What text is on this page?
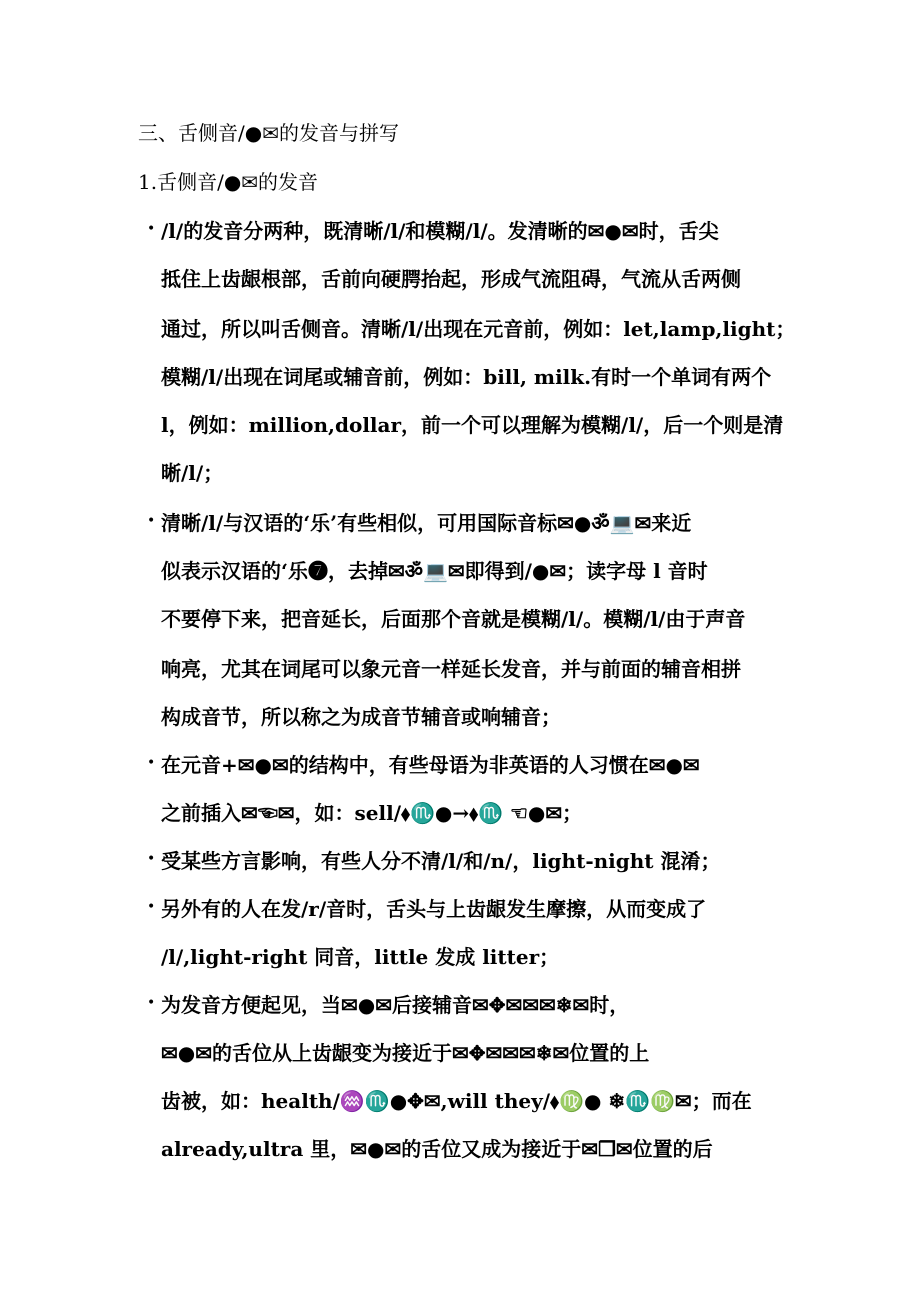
三、舌侧音/●✉的发音与拼写
1.舌侧音/●✉的发音
• /l/的发音分两种，既清晰/l/和模糊/l/。发清晰的✉●✉时，舌尖
抵住上齿龈根部，舌前向硬腭抬起，形成气流阻碍，气流从舌两侧
通过，所以叫舌侧音。清晰/l/出现在元音前，例如：let,lamp,light；
模糊/l/出现在词尾或辅音前，例如：bill, milk.有时一个单词有两个
l，例如：million,dollar，前一个可以理解为模糊/l/，后一个则是清
晰/l/；
• 清晰/l/与汉语的‘乐’有些相似，可用国际音标✉●ॐ💻✉来近
似表示汉语的‘乐❼，去掉✉ॐ💻✉即得到/●✉；读字母 l 音时
不要停下来，把音延长，后面那个音就是模糊/l/。模糊/l/由于声音
响亮，尤其在词尾可以象元音一样延长发音，并与前面的辅音相拼
构成音节，所以称之为成音节辅音或响辅音；
• 在元音+✉●✉的结构中，有些母语为非英语的人习惯在✉●✉
之前插入✉☜✉，如：sell/⬧♏●→⬧♏ ☜●✉；
• 受某些方言影响，有些人分不清/l/和/n/，light-night 混淆；
• 另外有的人在发/r/音时，舌头与上齿龈发生摩擦，从而变成了
/l/,light-right 同音，little 发成 litter；
• 为发音方便起见，当✉●✉后接辅音✉✥✉✉✉❄✉时，
✉●✉的舌位从上齿龈变为接近于✉✥✉✉✉❄✉位置的上
齿被，如：health/♒♏●✥✉,will they/⬧♍● ❄♏♍✉；而在
already,ultra 里，✉●✉的舌位又成为接近于✉❒✉位置的后
